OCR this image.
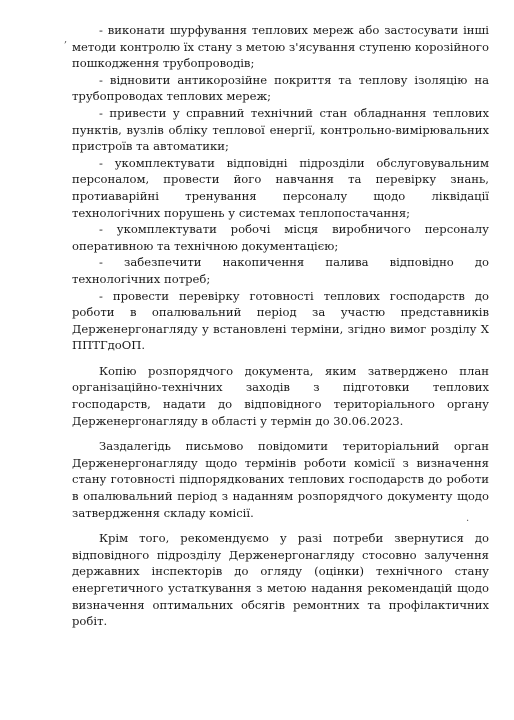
,
.

- виконати шурфування теплових мереж або застосувати інші методи контролю їх стану з метою з'ясування ступеню корозійного пошкодження трубопроводів;

- відновити антикорозійне покриття та теплову ізоляцію на трубопроводах теплових мереж;

- привести у справний технічний стан обладнання теплових пунктів, вузлів обліку теплової енергії, контрольно-вимірювальних пристроїв та автоматики;

- укомплектувати відповідні підрозділи обслуговувальним персоналом, провести його навчання та перевірку знань, протиаварійні тренування персоналу щодо ліквідації технологічних порушень у системах теплопостачання;

- укомплектувати робочі місця виробничого персоналу оперативною та технічною документацією;

- забезпечити накопичення палива відповідно до технологічних потреб;

- провести перевірку готовності теплових господарств до роботи в опалювальний період за участю представників Держенергонагляду у встановлені терміни, згідно вимог розділу Х ППТГдоОП.

Копію розпорядчого документа, яким затверджено план організаційно-технічних заходів з підготовки теплових господарств, надати до відповідного територіального органу Держенергонагляду в області у термін до 30.06.2023.

Заздалегідь письмово повідомити територіальний орган Держенергонагляду щодо термінів роботи комісії з визначення стану готовності підпорядкованих теплових господарств до роботи в опалювальний період з наданням розпорядчого документу щодо затвердження складу комісії.

Крім того, рекомендуємо у разі потреби звернутися до відповідного підрозділу Держенергонагляду стосовно залучення державних інспекторів до огляду (оцінки) технічного стану енергетичного устаткування з метою надання рекомендацій щодо визначення оптимальних обсягів ремонтних та профілактичних робіт.
